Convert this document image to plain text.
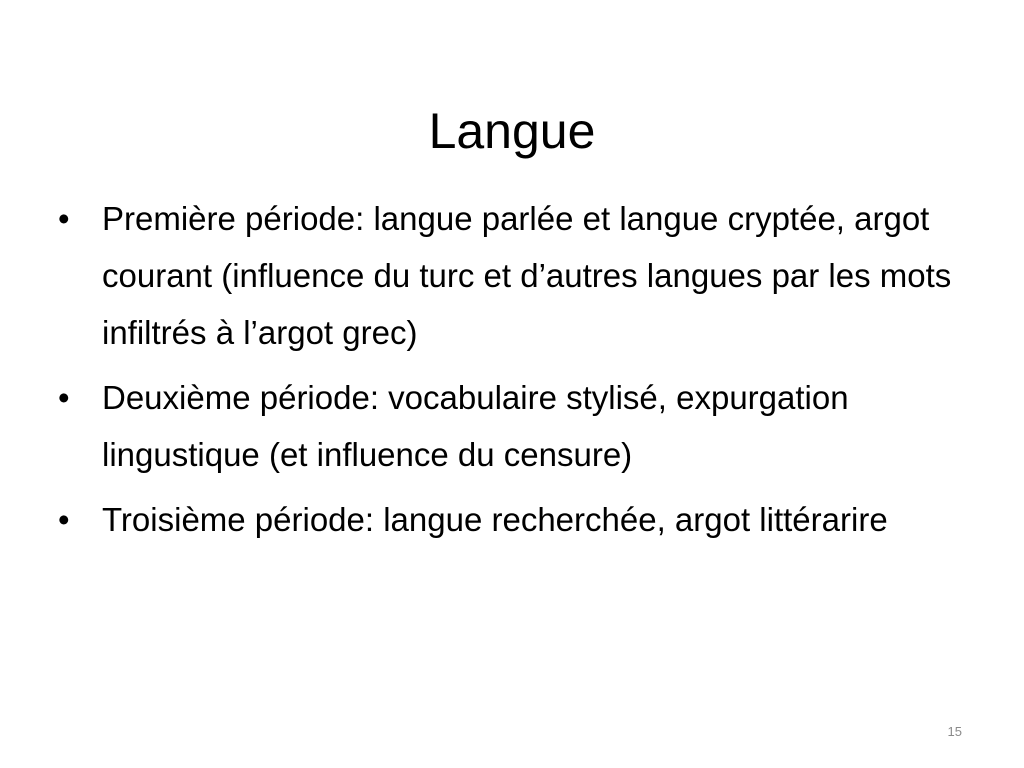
Langue
• Première période: langue parlée et langue cryptée, argot courant (influence du turc et d’autres langues par les mots infiltrés à l’argot grec)
• Deuxième période: vocabulaire stylisé, expurgation lingustique (et influence du censure)
• Troisième période: langue recherchée, argot littérarire
15
